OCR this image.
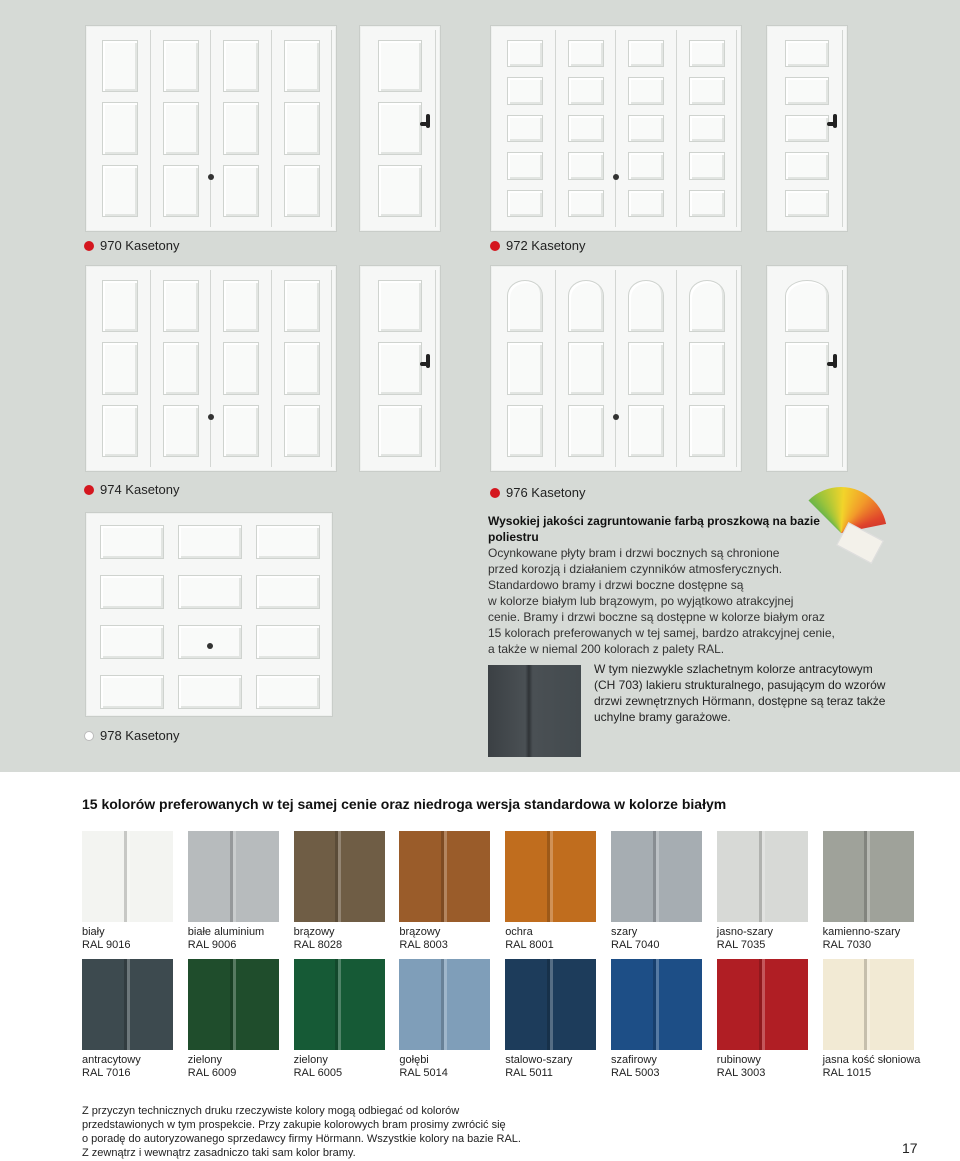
970 Kasetony	972 Kasetony
974 Kasetony	976 Kasetony
978 Kasetony
Wysokiej jakości zagruntowanie farbą proszkową na bazie poliestru
Ocynkowane płyty bram i drzwi bocznych są chronione
przed korozją i działaniem czynników atmosferycznych.
Standardowo bramy i drzwi boczne dostępne są
w kolorze białym lub brązowym, po wyjątkowo atrakcyjnej
cenie. Bramy i drzwi boczne są dostępne w kolorze białym oraz
15 kolorach preferowanych w tej samej, bardzo atrakcyjnej cenie,
a także w niemal 200 kolorach z palety RAL.
W tym niezwykle szlachetnym kolorze antracytowym
(CH 703) lakieru strukturalnego, pasującym do wzorów
drzwi zewnętrznych Hörmann, dostępne są teraz także
uchylne bramy garażowe.
15 kolorów preferowanych w tej samej cenie oraz niedroga wersja standardowa w kolorze białym
biały
RAL 9016
białe aluminium
RAL 9006
brązowy
RAL 8028
brązowy
RAL 8003
ochra
RAL 8001
szary
RAL 7040
jasno-szary
RAL 7035
kamienno-szary
RAL 7030
antracytowy
RAL 7016
zielony
RAL 6009
zielony
RAL 6005
gołębi
RAL 5014
stalowo-szary
RAL 5011
szafirowy
RAL 5003
rubinowy
RAL 3003
jasna kość słoniowa
RAL 1015
Z przyczyn technicznych druku rzeczywiste kolory mogą odbiegać od kolorów
przedstawionych w tym prospekcie. Przy zakupie kolorowych bram prosimy zwrócić się
o poradę do autoryzowanego sprzedawcy firmy Hörmann. Wszystkie kolory na bazie RAL.
Z zewnątrz i wewnątrz zasadniczo taki sam kolor bramy.	17
